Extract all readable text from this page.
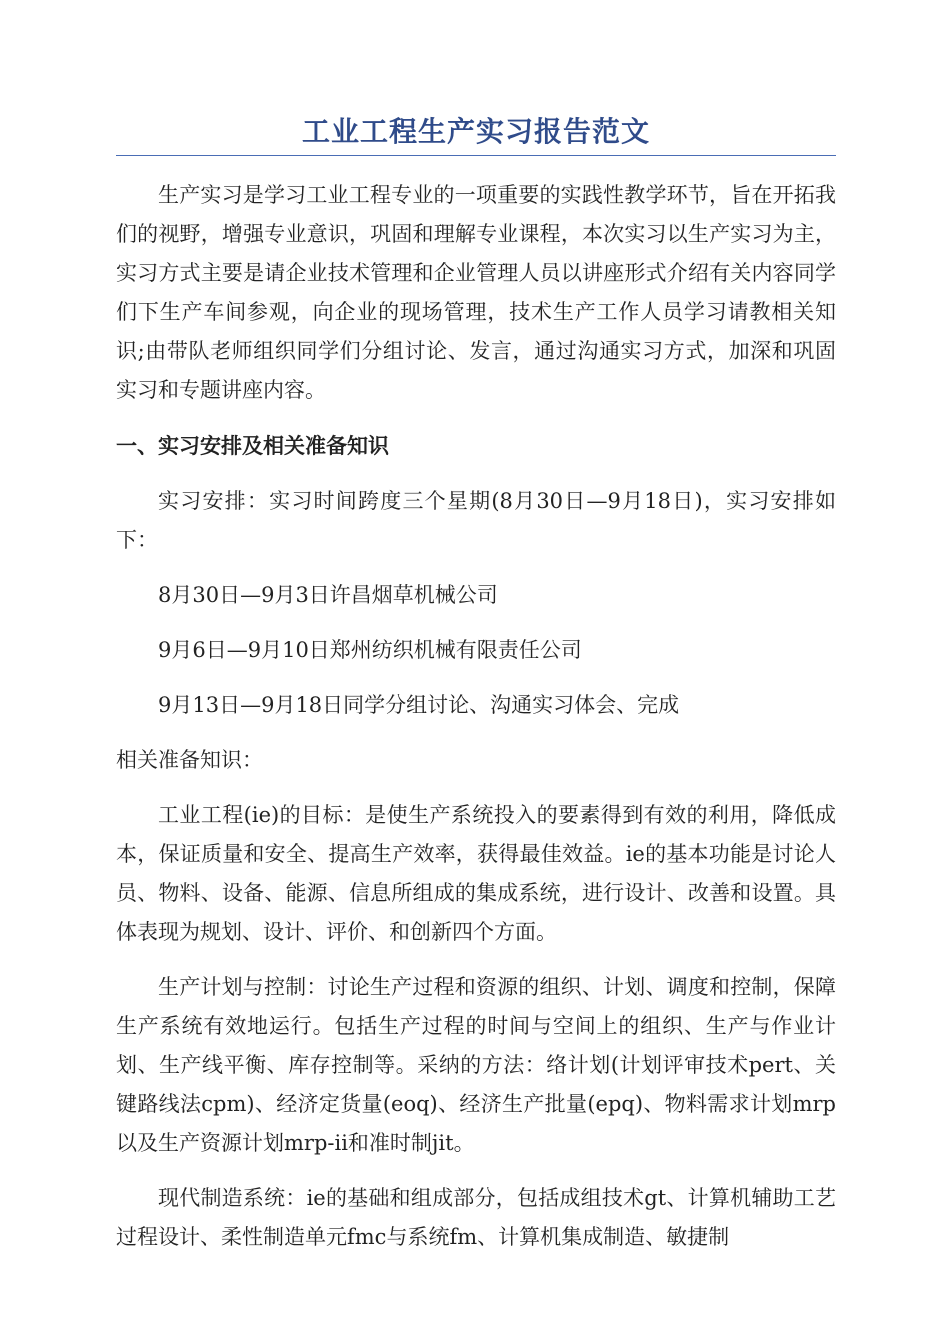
工业工程生产实习报告范文

生产实习是学习工业工程专业的一项重要的实践性教学环节，旨在开拓我们的视野，增强专业意识，巩固和理解专业课程，本次实习以生产实习为主，实习方式主要是请企业技术管理和企业管理人员以讲座形式介绍有关内容同学们下生产车间参观，向企业的现场管理，技术生产工作人员学习请教相关知识;由带队老师组织同学们分组讨论、发言，通过沟通实习方式，加深和巩固实习和专题讲座内容。

一、实习安排及相关准备知识

实习安排：实习时间跨度三个星期(8月30日—9月18日)，实习安排如下：

8月30日—9月3日许昌烟草机械公司

9月6日—9月10日郑州纺织机械有限责任公司

9月13日—9月18日同学分组讨论、沟通实习体会、完成

相关准备知识：

工业工程(ie)的目标：是使生产系统投入的要素得到有效的利用，降低成本，保证质量和安全、提高生产效率，获得最佳效益。ie的基本功能是讨论人员、物料、设备、能源、信息所组成的集成系统，进行设计、改善和设置。具体表现为规划、设计、评价、和创新四个方面。

生产计划与控制：讨论生产过程和资源的组织、计划、调度和控制，保障生产系统有效地运行。包括生产过程的时间与空间上的组织、生产与作业计划、生产线平衡、库存控制等。采纳的方法：络计划(计划评审技术pert、关键路线法cpm)、经济定货量(eoq)、经济生产批量(epq)、物料需求计划mrp以及生产资源计划mrp-ii和准时制jit。

现代制造系统：ie的基础和组成部分，包括成组技术gt、计算机辅助工艺过程设计、柔性制造单元fmc与系统fm、计算机集成制造、敏捷制
